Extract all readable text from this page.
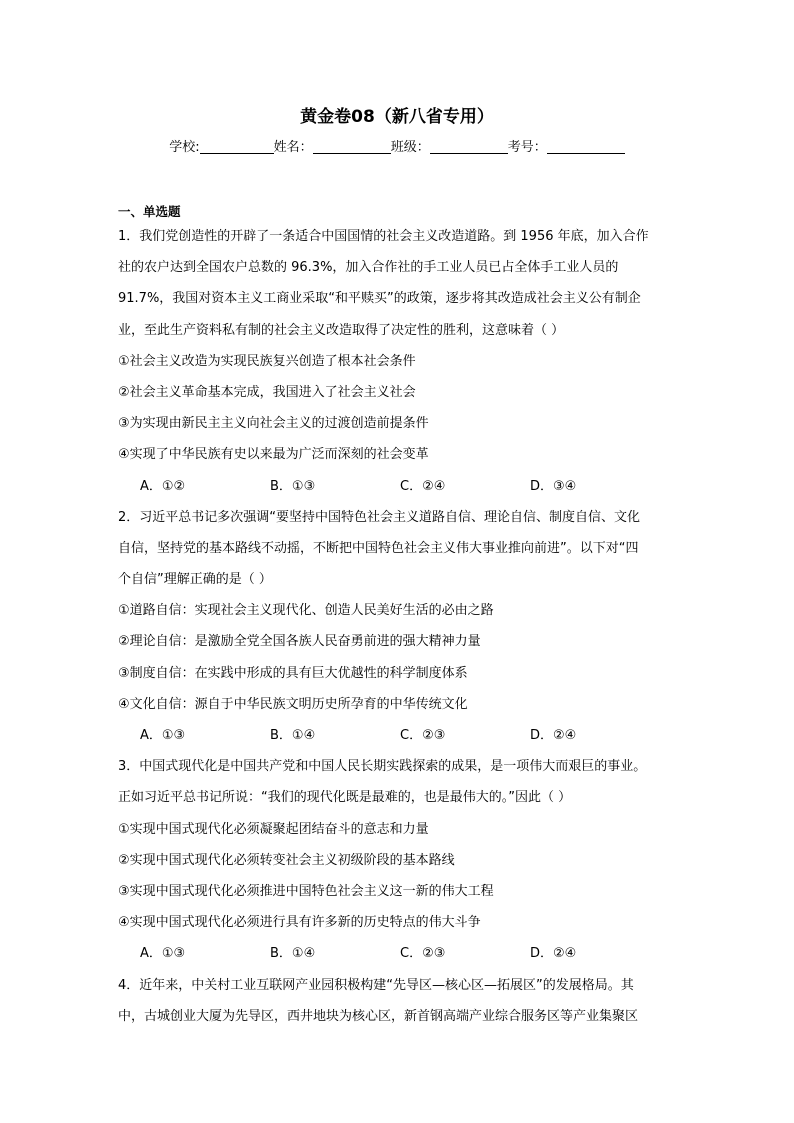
黄金卷08（新八省专用）
学校:	姓名：	班级：	考号：
一、单选题
1．我们党创造性的开辟了一条适合中国国情的社会主义改造道路。到 1956 年底，加入合作
社的农户达到全国农户总数的 96.3%，加入合作社的手工业人员已占全体手工业人员的
91.7%，我国对资本主义工商业采取“和平赎买”的政策，逐步将其改造成社会主义公有制企
业，至此生产资料私有制的社会主义改造取得了决定性的胜利，这意味着（ ）
①社会主义改造为实现民族复兴创造了根本社会条件
②社会主义革命基本完成，我国进入了社会主义社会
③为实现由新民主主义向社会主义的过渡创造前提条件
④实现了中华民族有史以来最为广泛而深刻的社会变革
A．①②	B．①③	C．②④	D．③④
2．习近平总书记多次强调“要坚持中国特色社会主义道路自信、理论自信、制度自信、文化
自信，坚持党的基本路线不动摇，不断把中国特色社会主义伟大事业推向前进”。以下对“四
个自信”理解正确的是（ ）
①道路自信：实现社会主义现代化、创造人民美好生活的必由之路
②理论自信：是激励全党全国各族人民奋勇前进的强大精神力量
③制度自信：在实践中形成的具有巨大优越性的科学制度体系
④文化自信：源自于中华民族文明历史所孕育的中华传统文化
A．①③	B．①④	C．②③	D．②④
3．中国式现代化是中国共产党和中国人民长期实践探索的成果，是一项伟大而艰巨的事业。
正如习近平总书记所说：“我们的现代化既是最难的，也是最伟大的。”因此（ ）
①实现中国式现代化必须凝聚起团结奋斗的意志和力量
②实现中国式现代化必须转变社会主义初级阶段的基本路线
③实现中国式现代化必须推进中国特色社会主义这一新的伟大工程
④实现中国式现代化必须进行具有许多新的历史特点的伟大斗争
A．①③	B．①④	C．②③	D．②④
4．近年来，中关村工业互联网产业园积极构建“先导区—核心区—拓展区”的发展格局。其
中，古城创业大厦为先导区，西井地块为核心区，新首钢高端产业综合服务区等产业集聚区
